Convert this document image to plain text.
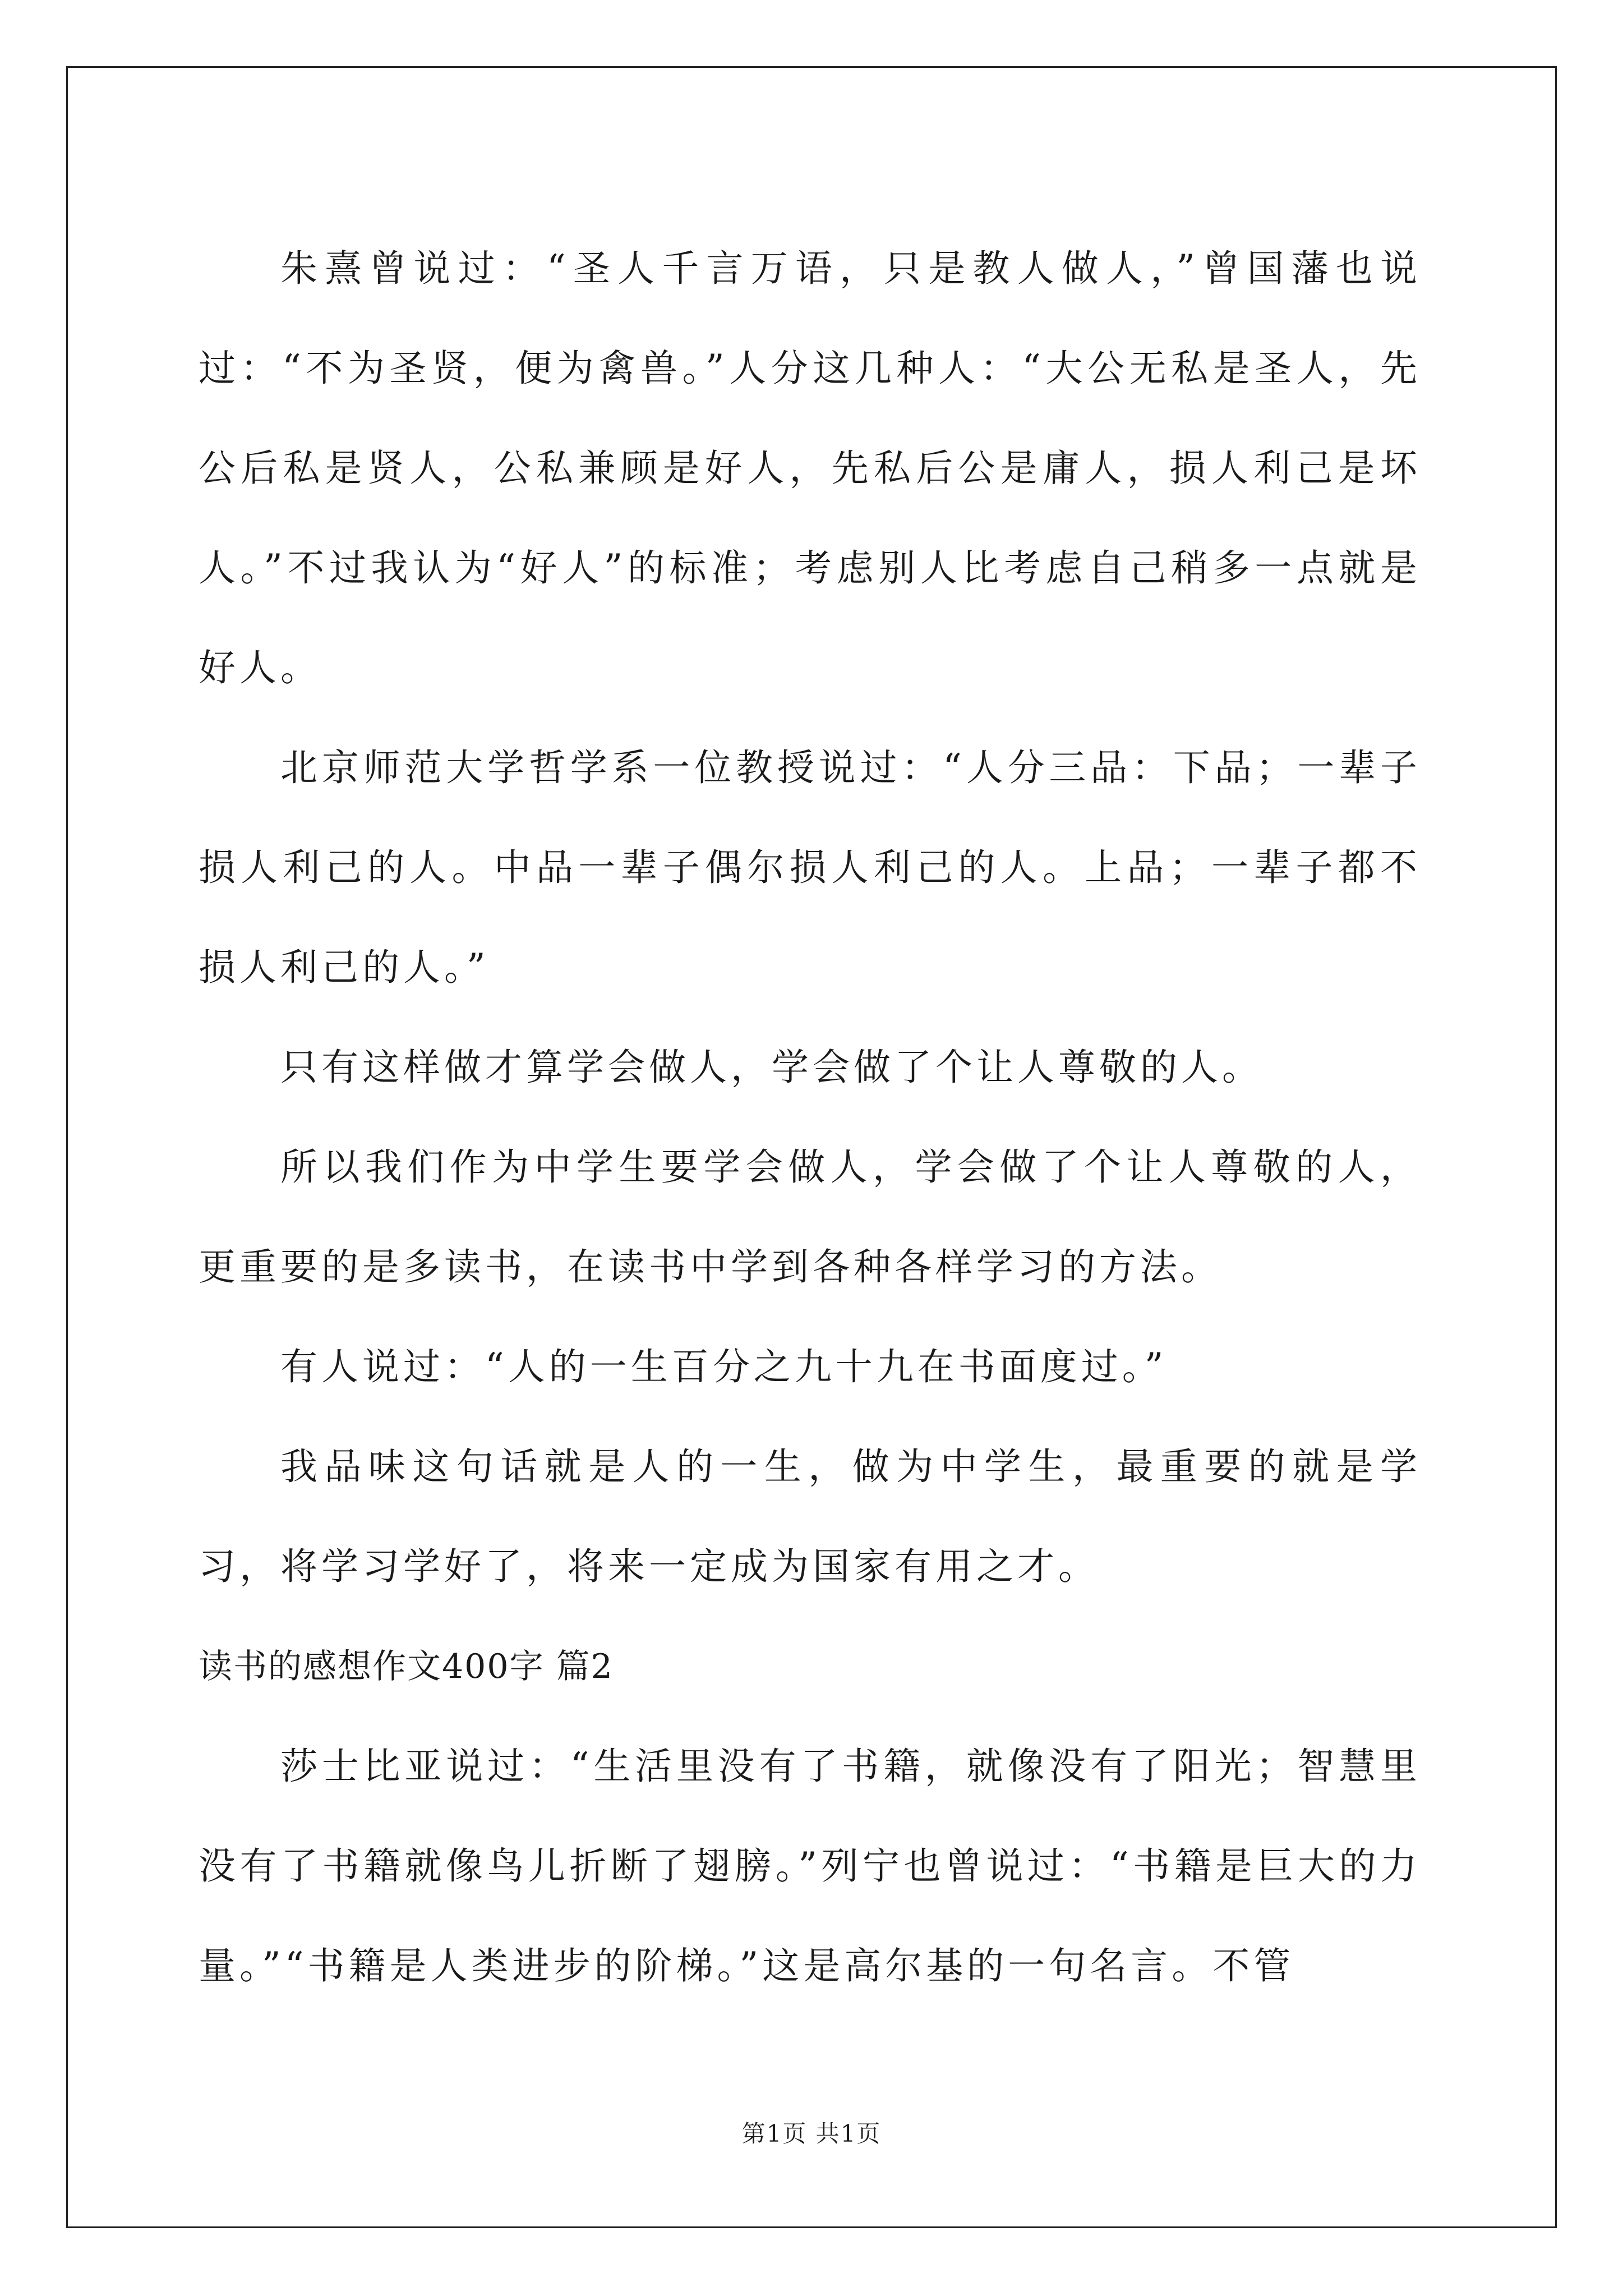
朱熹曾说过：“圣人千言万语，只是教人做人，”曾国藩也说过：“不为圣贤，便为禽兽。”人分这几种人：“大公无私是圣人，先公后私是贤人，公私兼顾是好人，先私后公是庸人，损人利己是坏人。”不过我认为“好人”的标准；考虑别人比考虑自己稍多一点就是好人。

北京师范大学哲学系一位教授说过：“人分三品：下品；一辈子损人利己的人。中品一辈子偶尔损人利己的人。上品；一辈子都不损人利己的人。”

只有这样做才算学会做人，学会做了个让人尊敬的人。

所以我们作为中学生要学会做人，学会做了个让人尊敬的人，更重要的是多读书，在读书中学到各种各样学习的方法。

有人说过：“人的一生百分之九十九在书面度过。”

我品味这句话就是人的一生，做为中学生，最重要的就是学习，将学习学好了，将来一定成为国家有用之才。

读书的感想作文400字 篇2

莎士比亚说过：“生活里没有了书籍，就像没有了阳光；智慧里没有了书籍就像鸟儿折断了翅膀。”列宁也曾说过：“书籍是巨大的力量。”“书籍是人类进步的阶梯。”这是高尔基的一句名言。不管

第1页 共1页
